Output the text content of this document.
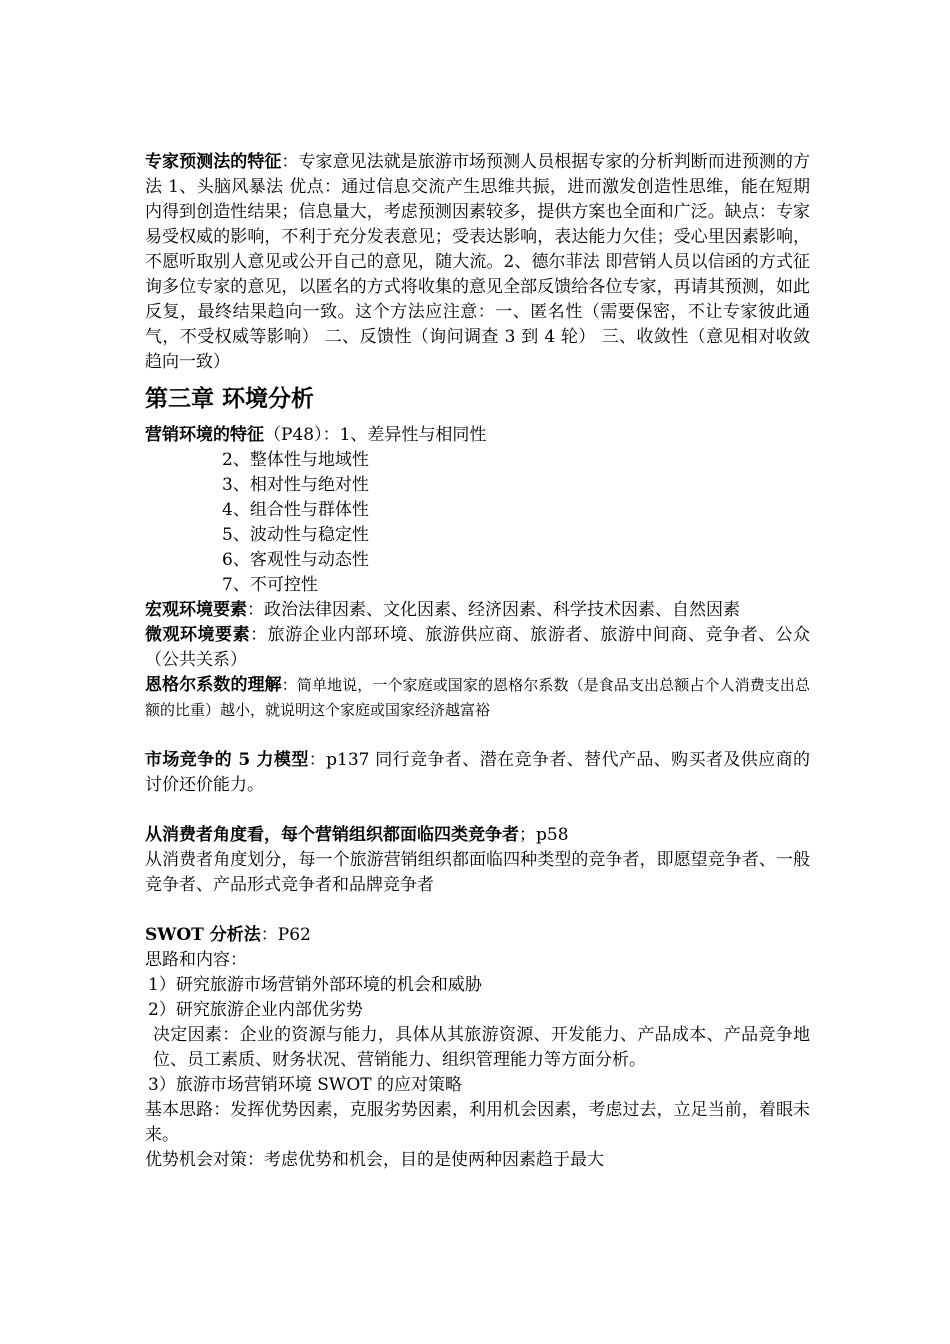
专家预测法的特征：专家意见法就是旅游市场预测人员根据专家的分析判断而进预测的方法 1、头脑风暴法 优点：通过信息交流产生思维共振，进而激发创造性思维，能在短期内得到创造性结果；信息量大，考虑预测因素较多，提供方案也全面和广泛。缺点：专家易受权威的影响，不利于充分发表意见；受表达影响，表达能力欠佳；受心里因素影响，不愿听取别人意见或公开自己的意见，随大流。2、德尔菲法 即营销人员以信函的方式征询多位专家的意见，以匿名的方式将收集的意见全部反馈给各位专家，再请其预测，如此反复，最终结果趋向一致。这个方法应注意：一、匿名性（需要保密，不让专家彼此通气，不受权威等影响） 二、反馈性（询问调查 3 到 4 轮） 三、收敛性（意见相对收敛趋向一致）

第三章 环境分析

营销环境的特征（P48）：1、差异性与相同性

2、整体性与地域性

3、相对性与绝对性

4、组合性与群体性

5、波动性与稳定性

6、客观性与动态性

7、不可控性

宏观环境要素：政治法律因素、文化因素、经济因素、科学技术因素、自然因素

微观环境要素：旅游企业内部环境、旅游供应商、旅游者、旅游中间商、竞争者、公众（公共关系）

恩格尔系数的理解：简单地说，一个家庭或国家的恩格尔系数（是食品支出总额占个人消费支出总额的比重）越小，就说明这个家庭或国家经济越富裕

市场竞争的 5 力模型：p137 同行竞争者、潜在竞争者、替代产品、购买者及供应商的讨价还价能力。

从消费者角度看，每个营销组织都面临四类竞争者；p58

从消费者角度划分，每一个旅游营销组织都面临四种类型的竞争者，即愿望竞争者、一般竞争者、产品形式竞争者和品牌竞争者

SWOT 分析法：P62

思路和内容：

1）研究旅游市场营销外部环境的机会和威胁

2）研究旅游企业内部优劣势

决定因素：企业的资源与能力，具体从其旅游资源、开发能力、产品成本、产品竞争地位、员工素质、财务状况、营销能力、组织管理能力等方面分析。

3）旅游市场营销环境 SWOT 的应对策略

基本思路：发挥优势因素，克服劣势因素，利用机会因素，考虑过去，立足当前，着眼未来。

优势机会对策：考虑优势和机会，目的是使两种因素趋于最大
